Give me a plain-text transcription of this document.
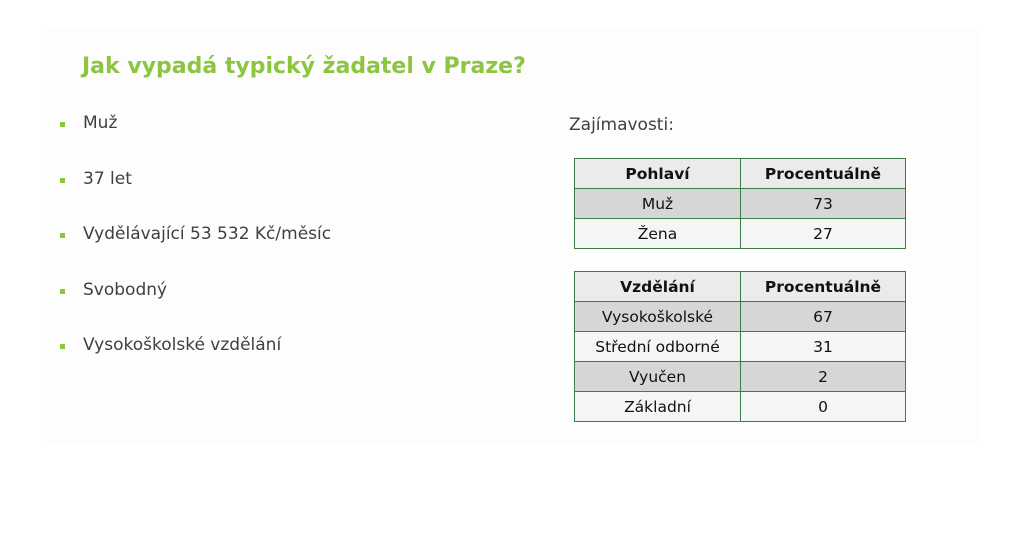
Jak vypadá typický žadatel v Praze?
Muž
37 let
Vydělávající 53 532 Kč/měsíc
Svobodný
Vysokoškolské vzdělání
Zajímavosti:
Pohlaví	Procentuálně
Muž	73
Žena	27
Vzdělání	Procentuálně
Vysokoškolské	67
Střední odborné	31
Vyučen	2
Základní	0
